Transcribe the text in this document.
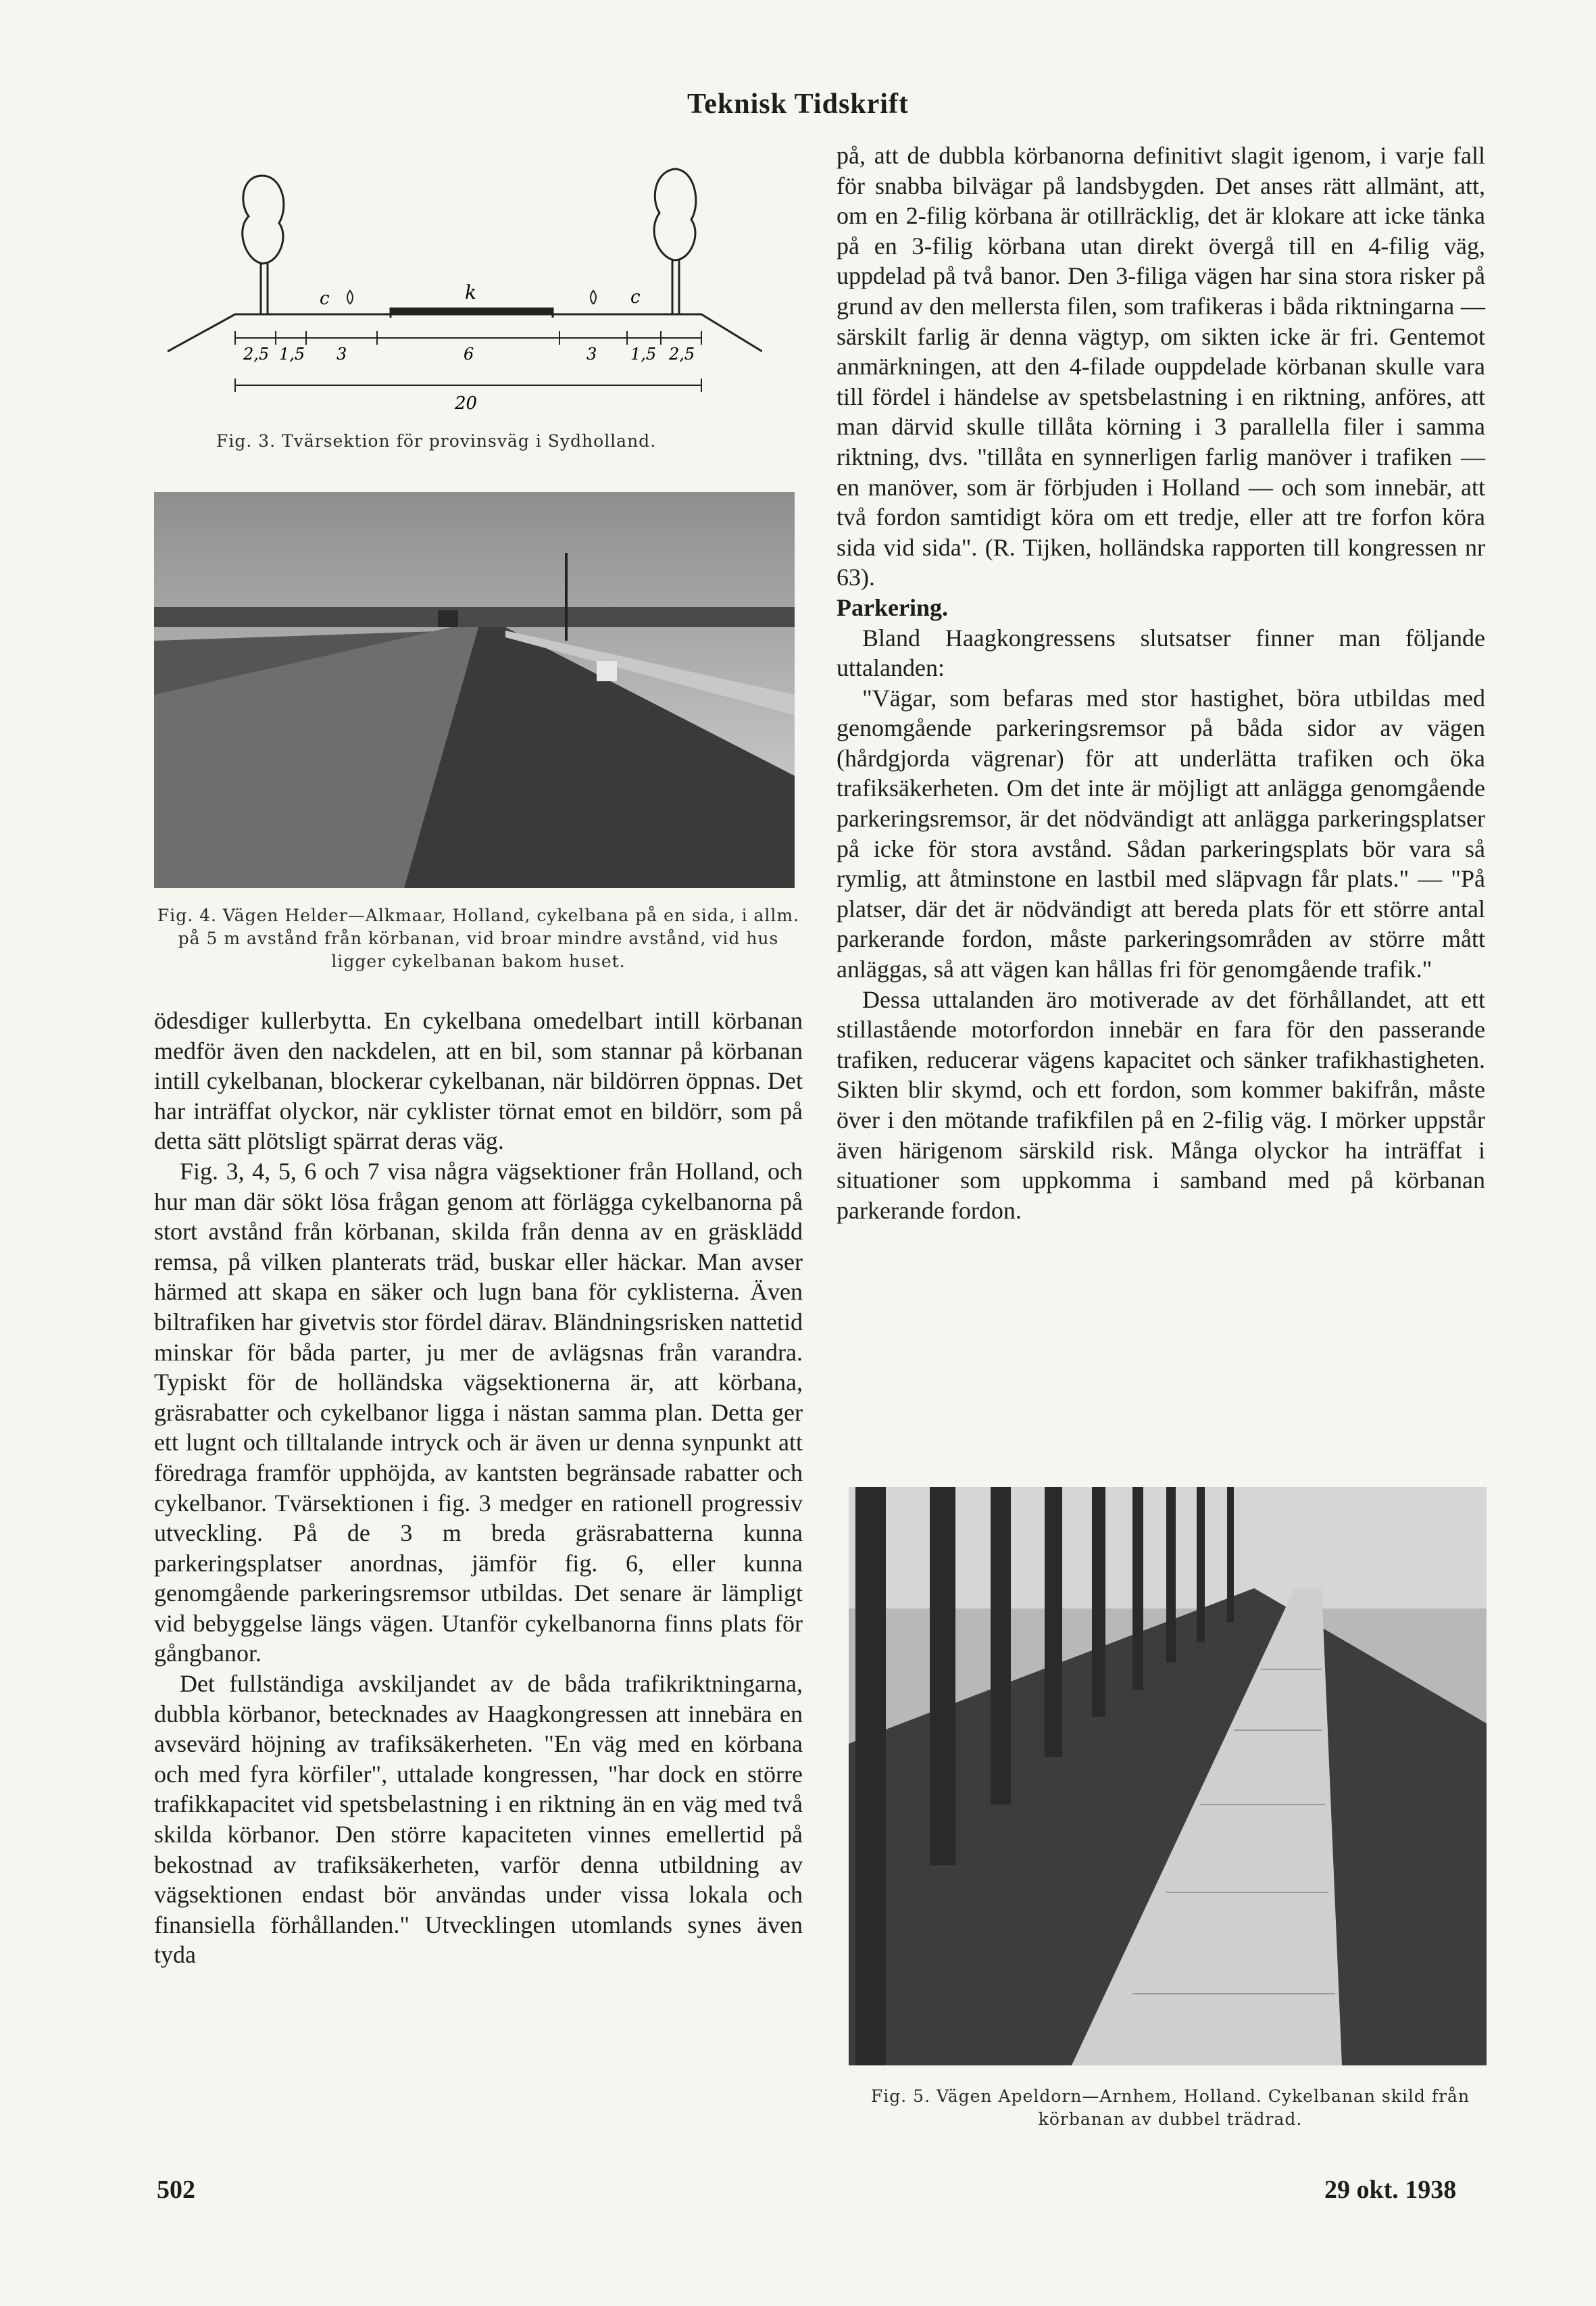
Teknisk Tidskrift
c	k	c
2,5 1,5 3	6	3 1,5 2,5
20
Fig. 3. Tvärsektion för provinsväg i Sydholland.
Fig. 4. Vägen Helder—Alkmaar, Holland, cykelbana på en sida, i allm. på 5 m avstånd från körbanan, vid broar mindre avstånd, vid hus ligger cykelbanan bakom huset.
Fig. 5. Vägen Apeldorn—Arnhem, Holland. Cykelbanan skild från körbanan av dubbel trädrad.

ödesdiger kullerbytta. En cykelbana omedelbart intill körbanan medför även den nackdelen, att en bil, som stannar på körbanan intill cykelbanan, blockerar cykelbanan, när bildörren öppnas. Det har inträffat olyckor, när cyklister törnat emot en bildörr, som på detta sätt plötsligt spärrat deras väg.

Fig. 3, 4, 5, 6 och 7 visa några vägsektioner från Holland, och hur man där sökt lösa frågan genom att förlägga cykelbanorna på stort avstånd från körbanan, skilda från denna av en gräsklädd remsa, på vilken planterats träd, buskar eller häckar. Man avser härmed att skapa en säker och lugn bana för cyklisterna. Även biltrafiken har givetvis stor fördel därav. Bländningsrisken nattetid minskar för båda parter, ju mer de avlägsnas från varandra. Typiskt för de holländska vägsektionerna är, att körbana, gräsrabatter och cykelbanor ligga i nästan samma plan. Detta ger ett lugnt och tilltalande intryck och är även ur denna synpunkt att föredraga framför upphöjda, av kantsten begränsade rabatter och cykelbanor. Tvärsektionen i fig. 3 medger en rationell progressiv utveckling. På de 3 m breda gräsrabatterna kunna parkeringsplatser anordnas, jämför fig. 6, eller kunna genomgående parkeringsremsor utbildas. Det senare är lämpligt vid bebyggelse längs vägen. Utanför cykelbanorna finns plats för gångbanor.

Det fullständiga avskiljandet av de båda trafikriktningarna, dubbla körbanor, betecknades av Haagkongressen att innebära en avsevärd höjning av trafiksäkerheten. "En väg med en körbana och med fyra körfiler", uttalade kongressen, "har dock en större trafikkapacitet vid spetsbelastning i en riktning än en väg med två skilda körbanor. Den större kapaciteten vinnes emellertid på bekostnad av trafiksäkerheten, varför denna utbildning av vägsektionen endast bör användas under vissa lokala och finansiella förhållanden." Utvecklingen utomlands synes även tyda

på, att de dubbla körbanorna definitivt slagit igenom, i varje fall för snabba bilvägar på landsbygden. Det anses rätt allmänt, att, om en 2-filig körbana är otillräcklig, det är klokare att icke tänka på en 3-filig körbana utan direkt övergå till en 4-filig väg, uppdelad på två banor. Den 3-filiga vägen har sina stora risker på grund av den mellersta filen, som trafikeras i båda riktningarna — särskilt farlig är denna vägtyp, om sikten icke är fri. Gentemot anmärkningen, att den 4-filade ouppdelade körbanan skulle vara till fördel i händelse av spetsbelastning i en riktning, anföres, att man därvid skulle tillåta körning i 3 parallella filer i samma riktning, dvs. "tillåta en synnerligen farlig manöver i trafiken — en manöver, som är förbjuden i Holland — och som innebär, att två fordon samtidigt köra om ett tredje, eller att tre forfon köra sida vid sida". (R. Tijken, holländska rapporten till kongressen nr 63).

Parkering.

Bland Haagkongressens slutsatser finner man följande uttalanden:

"Vägar, som befaras med stor hastighet, böra utbildas med genomgående parkeringsremsor på båda sidor av vägen (hårdgjorda vägrenar) för att underlätta trafiken och öka trafiksäkerheten. Om det inte är möjligt att anlägga genomgående parkeringsremsor, är det nödvändigt att anlägga parkeringsplatser på icke för stora avstånd. Sådan parkeringsplats bör vara så rymlig, att åtminstone en lastbil med släpvagn får plats." — "På platser, där det är nödvändigt att bereda plats för ett större antal parkerande fordon, måste parkeringsområden av större mått anläggas, så att vägen kan hållas fri för genomgående trafik."

Dessa uttalanden äro motiverade av det förhållandet, att ett stillastående motorfordon innebär en fara för den passerande trafiken, reducerar vägens kapacitet och sänker trafikhastigheten. Sikten blir skymd, och ett fordon, som kommer bakifrån, måste över i den mötande trafikfilen på en 2-filig väg. I mörker uppstår även härigenom särskild risk. Många olyckor ha inträffat i situationer som uppkomma i samband med på körbanan parkerande fordon.

502	29 okt. 1938
